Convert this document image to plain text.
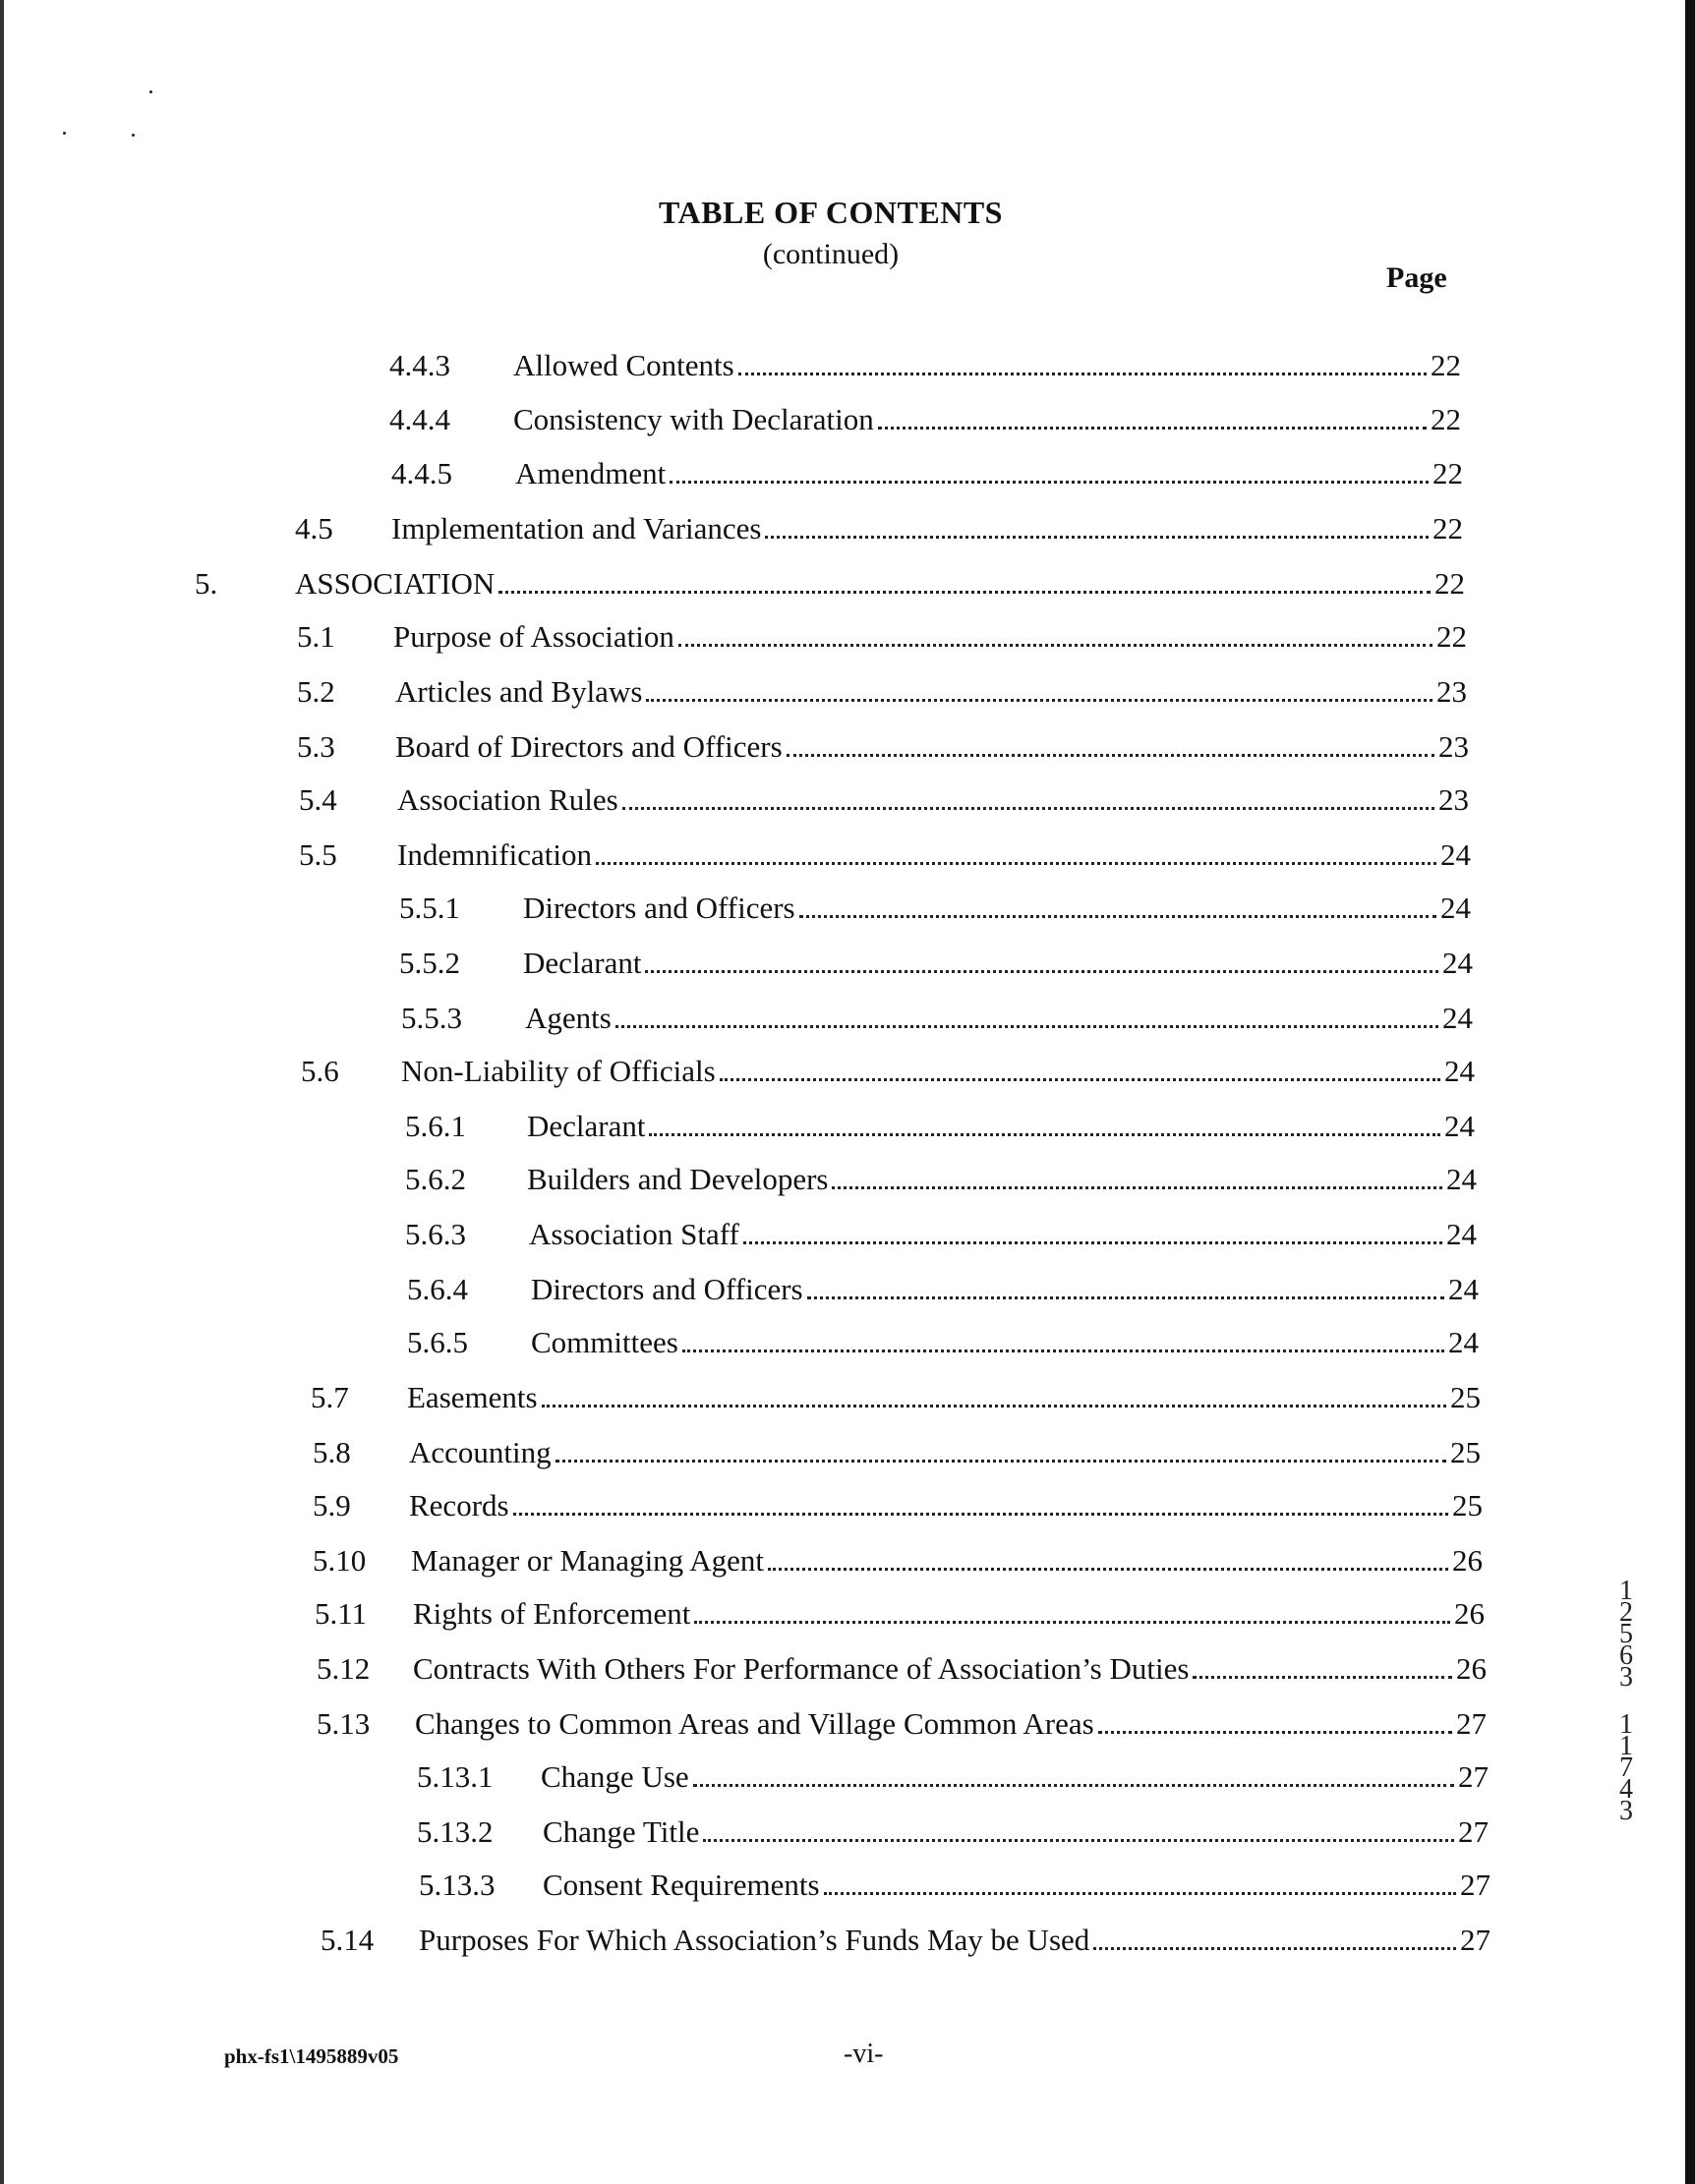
TABLE OF CONTENTS
(continued)
Page
4.4.3 Allowed Contents	22
4.4.4 Consistency with Declaration	22
4.4.5 Amendment	22
4.5 Implementation and Variances	22
5.	ASSOCIATION	22
5.1 Purpose of Association	22
5.2 Articles and Bylaws	23
5.3 Board of Directors and Officers	23
5.4 Association Rules	23
5.5 Indemnification	24
5.5.1 Directors and Officers	24
5.5.2 Declarant	24
5.5.3 Agents	24
5.6 Non-Liability of Officials	24
5.6.1 Declarant	24
5.6.2 Builders and Developers	24
5.6.3 Association Staff	24
5.6.4 Directors and Officers	24
5.6.5 Committees	24
5.7 Easements	25
5.8 Accounting	25
5.9 Records	25
5.10 Manager or Managing Agent	26
5.11 Rights of Enforcement	26
5.12 Contracts With Others For Performance of Association’s Duties	26
5.13 Changes to Common Areas and Village Common Areas	27
5.13.1 Change Use	27
5.13.2 Change Title	27
5.13.3 Consent Requirements	27
5.14 Purposes For Which Association’s Funds May be Used	27
phx-fs1\1495889v05	-vi-
1
2
5
6
3
1
1
7
4
3
